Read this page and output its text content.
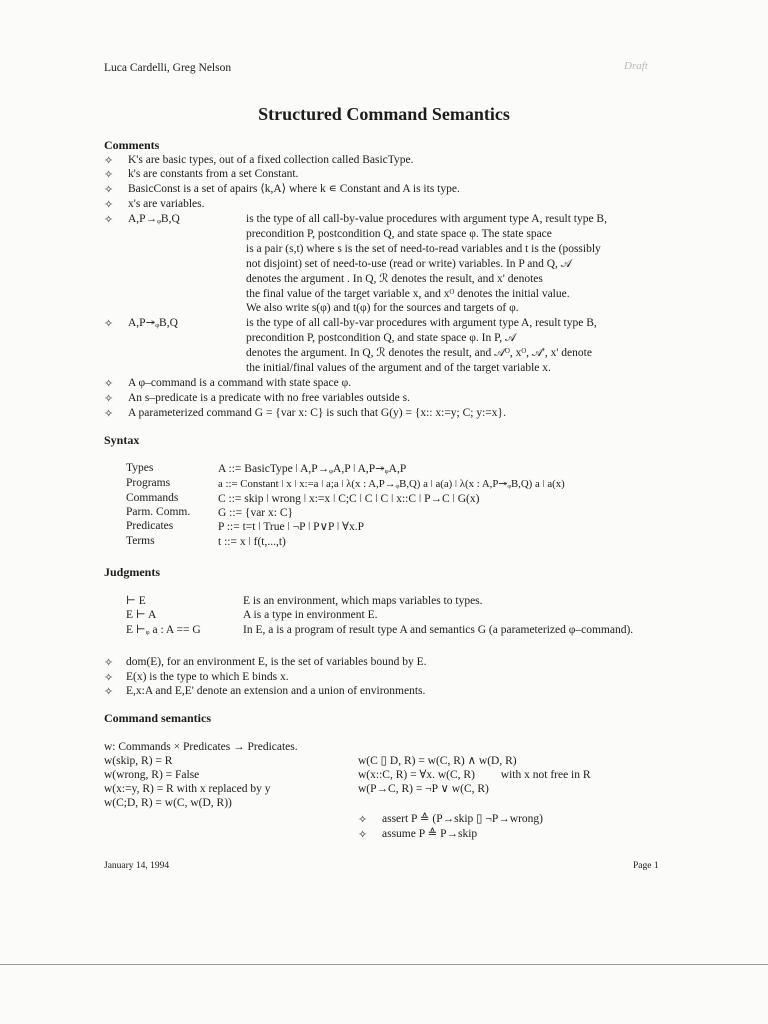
Luca Cardelli, Greg Nelson	Draft
Structured Command Semantics
Comments
✧ K's are basic types, out of a fixed collection called BasicType.
✧ k's are constants from a set Constant.
✧ BasicConst is a set of apairs ⟨k,A⟩ where k ∊ Constant and A is its type.
✧ x's are variables.
✧ A,P→ᵩB,Q	is the type of all call-by-value procedures with argument type A, result type B,
precondition P, postcondition Q, and state space φ. The state space
is a pair (s,t) where s is the set of need-to-read variables and t is the (possibly
not disjoint) set of need-to-use (read or write) variables. In P and Q, 𝒜
denotes the argument . In Q, ℛ denotes the result, and x' denotes
the final value of the target variable x, and xᴼ denotes the initial value.
We also write s(φ) and t(φ) for the sources and targets of φ.
✧ A,P↠ᵩB,Q	is the type of all call-by-var procedures with argument type A, result type B,
precondition P, postcondition Q, and state space φ. In P, 𝒜
denotes the argument. In Q, ℛ denotes the result, and 𝒜ᴼ, xᴼ, 𝒜', x' denote
the initial/final values of the argument and of the target variable x.
✧ A φ–command is a command with state space φ.
✧ An s–predicate is a predicate with no free variables outside s.
✧ A parameterized command G = {var x: C} is such that G(y) = {x:: x:=y; C; y:=x}.
Syntax
Types	A ::= BasicType ǀ A,P→ᵩA,P ǀ A,P↠ᵩA,P
Programs	a ::= Constant ǀ x ǀ x:=a ǀ a;a ǀ λ(x : A,P→ᵩB,Q) a ǀ a(a) ǀ λ(x : A,P↠ᵩB,Q) a ǀ a(x)
Commands	C ::= skip ǀ wrong ǀ x:=x ǀ C;C ǀ C ǀ C ǀ x::C ǀ P→C ǀ G(x)
Parm. Comm. G ::= {var x: C}
Predicates	P ::= t=t ǀ True ǀ ¬P ǀ P∨P ǀ ∀x.P
Terms	t ::= x ǀ f(t,...,t)
Judgments
⊢ E	E is an environment, which maps variables to types.
E ⊢ A	A is a type in environment E.
E ⊢ᵩ a : A == G	In E, a is a program of result type A and semantics G (a parameterized φ–command).
✧ dom(E), for an environment E, is the set of variables bound by E.
✧ E(x) is the type to which E binds x.
✧ E,x:A and E,E' denote an extension and a union of environments.
Command semantics
w: Commands × Predicates → Predicates.
w(skip, R) = R
w(wrong, R) = False
w(x:=y, R) = R with x replaced by y
w(C;D, R) = w(C, w(D, R))
w(C ▯ D, R) = w(C, R) ∧ w(D, R)
w(x::C, R) = ∀x. w(C, R)         with x not free in R
w(P→C, R) = ¬P ∨ w(C, R)
✧ assert P ≙ (P→skip ▯ ¬P→wrong)
✧ assume P ≙ P→skip
January 14, 1994	Page 1
